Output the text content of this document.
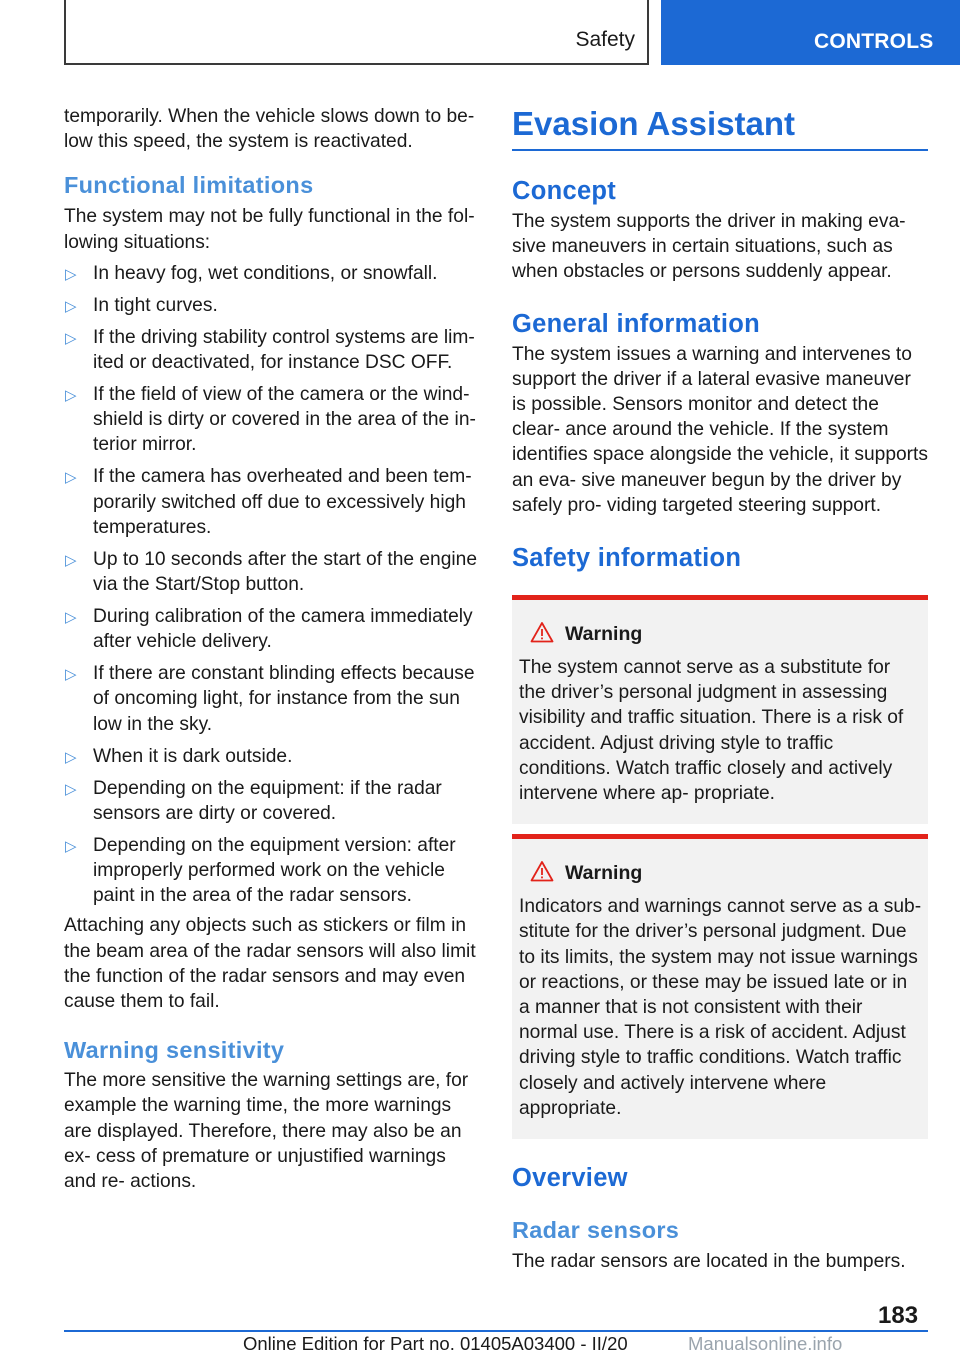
Safety	CONTROLS

temporarily. When the vehicle slows down to be‐ low this speed, the system is reactivated.

Functional limitations

The system may not be fully functional in the fol‐ lowing situations:

▷ In heavy fog, wet conditions, or snowfall.
▷ In tight curves.
▷ If the driving stability control systems are lim‐ ited or deactivated, for instance DSC OFF.
▷ If the field of view of the camera or the wind‐ shield is dirty or covered in the area of the in‐ terior mirror.
▷ If the camera has overheated and been tem‐ porarily switched off due to excessively high temperatures.
▷ Up to 10 seconds after the start of the engine via the Start/Stop button.
▷ During calibration of the camera immediately after vehicle delivery.
▷ If there are constant blinding effects because of oncoming light, for instance from the sun low in the sky.
▷ When it is dark outside.
▷ Depending on the equipment: if the radar sensors are dirty or covered.
▷ Depending on the equipment version: after improperly performed work on the vehicle paint in the area of the radar sensors.

Attaching any objects such as stickers or film in the beam area of the radar sensors will also limit the function of the radar sensors and may even cause them to fail.

Warning sensitivity

The more sensitive the warning settings are, for example the warning time, the more warnings are displayed. Therefore, there may also be an ex‐ cess of premature or unjustified warnings and re‐ actions.

Evasion Assistant
Concept

The system supports the driver in making eva‐ sive maneuvers in certain situations, such as when obstacles or persons suddenly appear.

General information

The system issues a warning and intervenes to support the driver if a lateral evasive maneuver is possible. Sensors monitor and detect the clear‐ ance around the vehicle. If the system identifies space alongside the vehicle, it supports an eva‐ sive maneuver begun by the driver by safely pro‐ viding targeted steering support.

Safety information
Warning

The system cannot serve as a substitute for the driver’s personal judgment in assessing visibility and traffic situation. There is a risk of accident. Adjust driving style to traffic conditions. Watch traffic closely and actively intervene where ap‐ propriate.

Warning

Indicators and warnings cannot serve as a sub‐ stitute for the driver’s personal judgment. Due to its limits, the system may not issue warnings or reactions, or these may be issued late or in a manner that is not consistent with their normal use. There is a risk of accident. Adjust driving style to traffic conditions. Watch traffic closely and actively intervene where appropriate.

Overview
Radar sensors

The radar sensors are located in the bumpers.

183
Online Edition for Part no. 01405A03400 - II/20	Manualsonline.info
